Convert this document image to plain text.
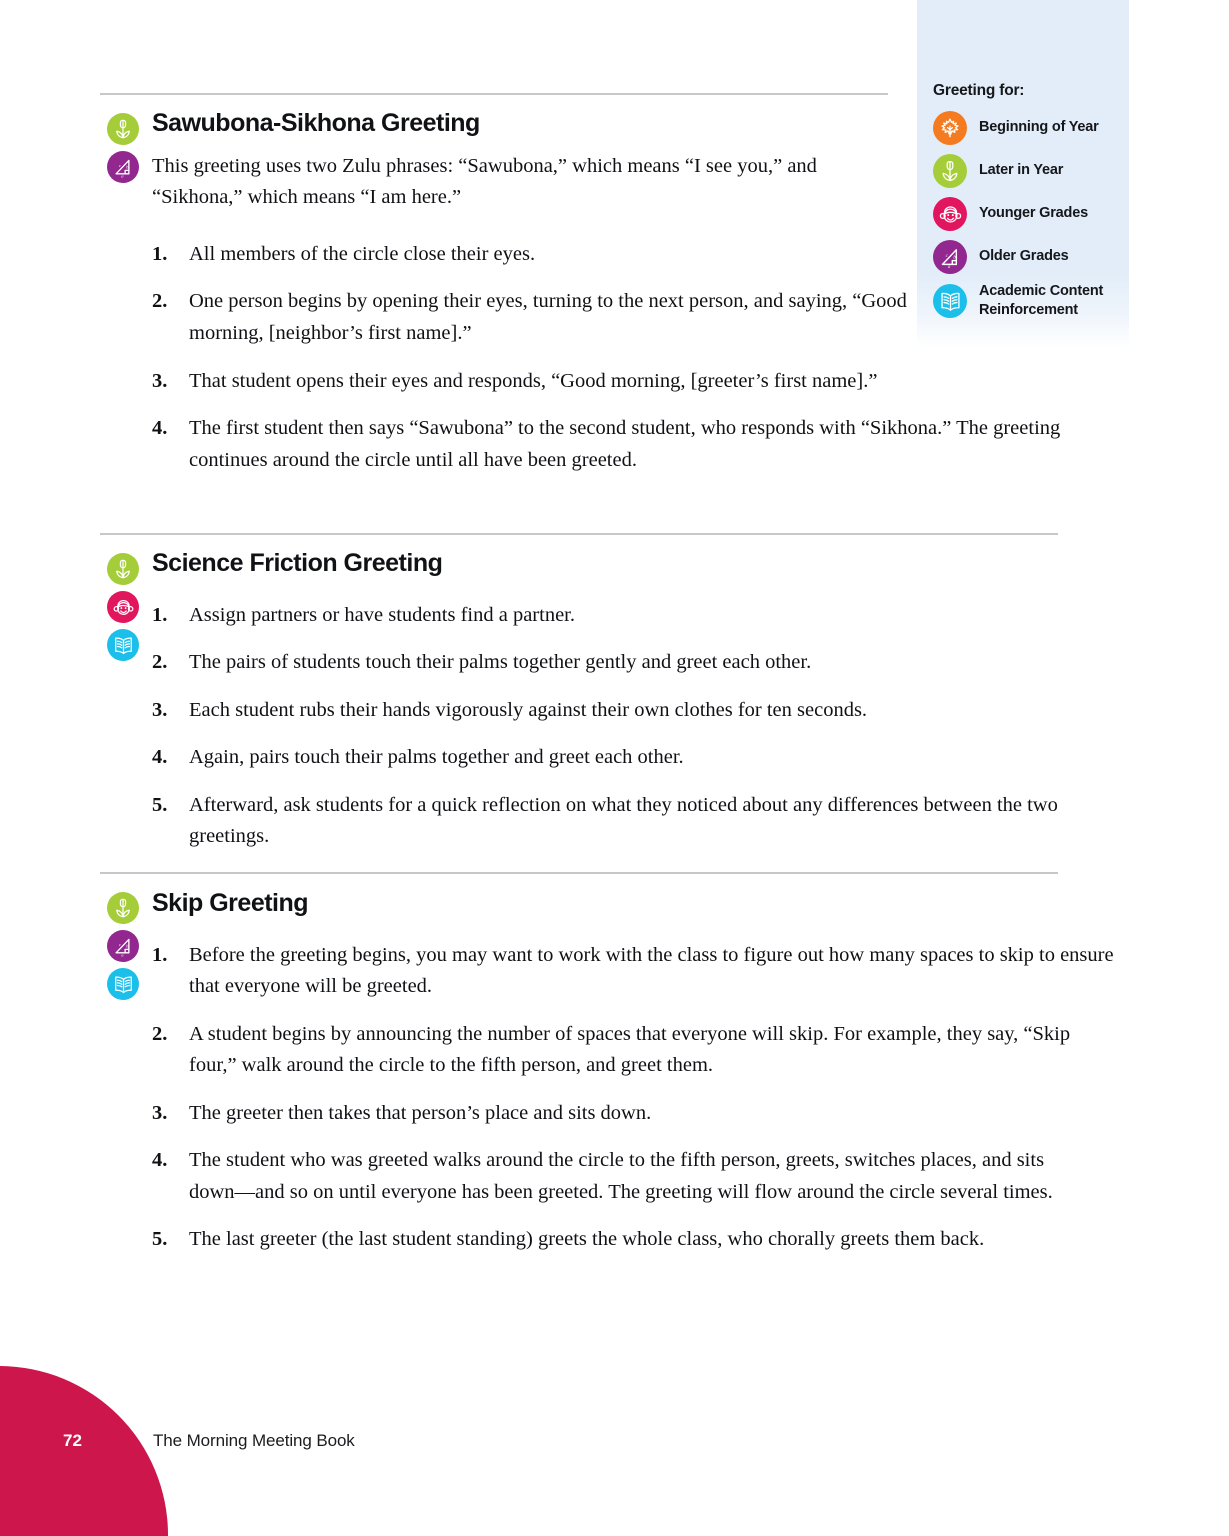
Greeting for:
Beginning of Year
Later in Year
Younger Grades
c b
a
Older Grades
Academic Content Reinforcement
c b
a
Sawubona-Sikhona Greeting

This greeting uses two Zulu phrases: “Sawubona,” which means “I see you,” and “Sikhona,” which means “I am here.”

1. All members of the circle close their eyes.
2. One person begins by opening their eyes, turning to the next person, and saying, “Good morning, [neighbor’s first name].”
3. That student opens their eyes and responds, “Good morning, [greeter’s first name].”
4. The first student then says “Sawubona” to the second student, who responds with “Sikhona.” The greeting continues around the circle until all have been greeted.
Science Friction Greeting
1. Assign partners or have students find a partner.
2. The pairs of students touch their palms together gently and greet each other.
3. Each student rubs their hands vigorously against their own clothes for ten seconds.
4. Again, pairs touch their palms together and greet each other.
5. Afterward, ask students for a quick reflection on what they noticed about any differences between the two greetings.
c b
a
Skip Greeting
1. Before the greeting begins, you may want to work with the class to figure out how many spaces to skip to ensure that everyone will be greeted.
2. A student begins by announcing the number of spaces that everyone will skip. For example, they say, “Skip four,” walk around the circle to the fifth person, and greet them.
3. The greeter then takes that person’s place and sits down.
4. The student who was greeted walks around the circle to the fifth person, greets, switches places, and sits down—and so on until everyone has been greeted. The greeting will flow around the circle several times.
5. The last greeter (the last student standing) greets the whole class, who chorally greets them back.
72	The Morning Meeting Book
